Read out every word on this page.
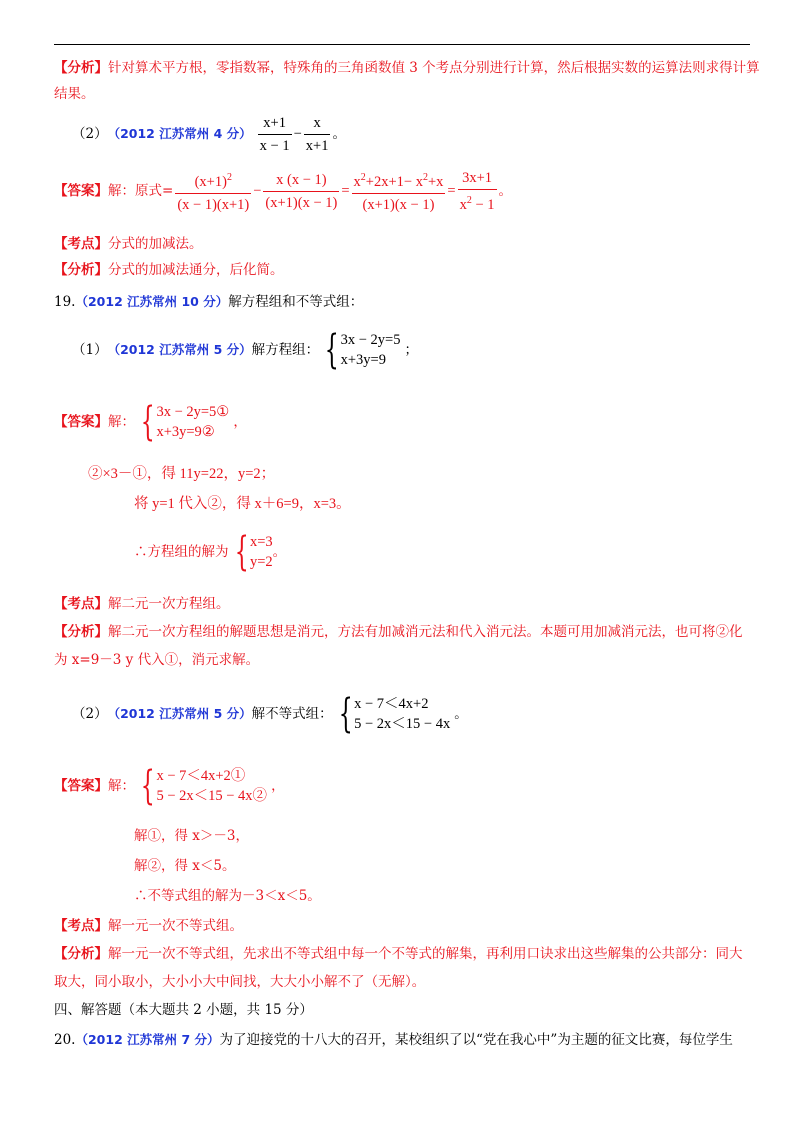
【分析】针对算术平方根，零指数幂，特殊角的三角函数值 3 个考点分别进行计算，然后根据实数的运算法则求得计算
结果。
（2） （2012 江苏常州 4 分） $\frac{x+1}{x - 1} - \frac{x}{x+1}$ 。
【答案】 解：原式= $\frac{(x+1)^2}{(x - 1)(x+1)} - \frac{x (x - 1)}{(x+1)(x - 1)} = \frac{x^2+2x+1- x^2+x}{(x+1)(x - 1)} = \frac{3x+1}{x^2 - 1}$ 。
【考点】分式的加减法。
【分析】分式的加减法通分，后化简。
19.（2012 江苏常州 10 分）解方程组和不等式组：
（1） （2012 江苏常州 5 分） 解方程组： { 3x − 2y=5
x+3y=9
；
【答案】 解： { 3x − 2y=5①
x+3y=9②
，
②×3－①，得 11y=22，y=2；
将 y=1 代入②，得 x＋6=9，x=3。
∴方程组的解为 { x=3
y=2
。
【考点】解二元一次方程组。
【分析】解二元一次方程组的解题思想是消元，方法有加减消元法和代入消元法。本题可用加减消元法，也可将②化
为 x=9－3 y 代入①，消元求解。
（2） （2012 江苏常州 5 分） 解不等式组： { x − 7＜4x+2
5 − 2x＜15 − 4x
。
【答案】 解： { x − 7＜4x+2①
5 − 2x＜15 − 4x②
，
解①，得 x＞－3，
解②，得 x＜5。
∴不等式组的解为－3＜x＜5。
【考点】解一元一次不等式组。
【分析】解一元一次不等式组，先求出不等式组中每一个不等式的解集，再利用口诀求出这些解集的公共部分：同大
取大，同小取小，大小小大中间找，大大小小解不了（无解）。
四、解答题（本大题共 2 小题，共 15 分）
20.（2012 江苏常州 7 分）为了迎接党的十八大的召开，某校组织了以“党在我心中”为主题的征文比赛，每位学生
